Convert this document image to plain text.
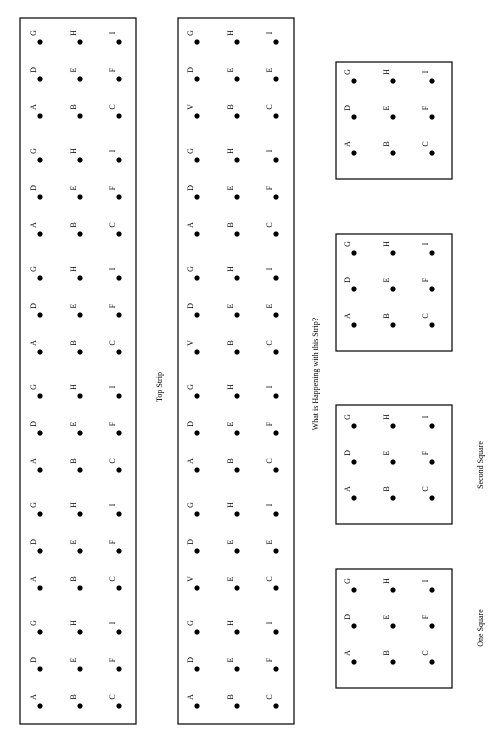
A	B	C
D	E	F
G	H	I
A	B	C
D	E	F
G	H	I
A	B	C
D	E	F
G	H	I
A	B	C
D	E	F
G	H	I
A	B	C
D	E	F
G	H	I
A	B	C
D	E	F
G	H	I
A	B	C
D	E	F
G	H	I
V	E	C
D	E	E
G	H	I
A	B	C
D	E	F
G	H	I
V	B	C
D	E	E
G	H	I
A	B	C
D	E	F
G	H	I
V	B	C
D	E	E
G	H	I
A	B	C
D	E	F
G	H	I
A	B	C
D	E	F
G	H	I
A	B	C
D	E	F
G	H	I
A	B	C
D	E	F
G	H	I
Top Strip	What is Happening with this Strip?
One Square
Second Square
